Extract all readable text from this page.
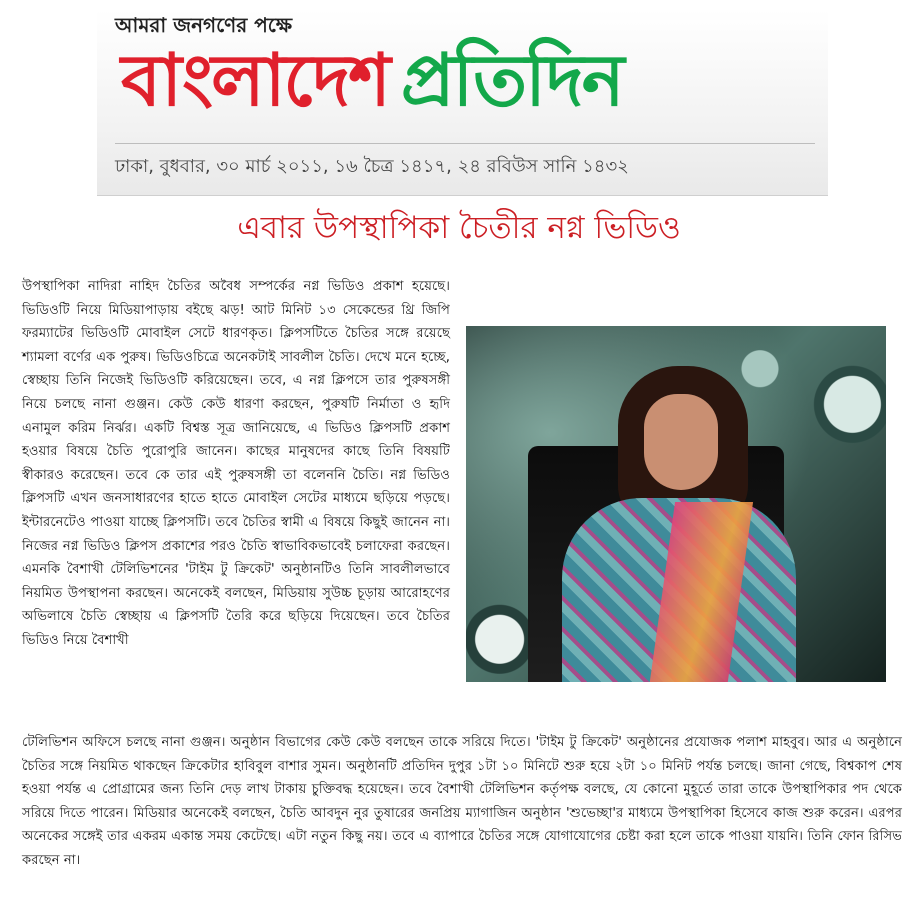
আমরা জনগণের পক্ষে
বাংলাদেশ প্রতিদিন
ঢাকা, বুধবার, ৩০ মার্চ ২০১১, ১৬ চৈত্র ১৪১৭, ২৪ রবিউস সানি ১৪৩২
এবার উপস্থাপিকা চৈতীর নগ্ন ভিডিও
উপস্থাপিকা নাদিরা নাহিদ চৈতির অবৈধ সম্পর্কের নগ্ন ভিডিও প্রকাশ হয়েছে। ভিডিওটি নিয়ে মিডিয়াপাড়ায় বইছে ঝড়! আট মিনিট ১৩ সেকেন্ডের থ্রি জিপি ফরম্যাটের ভিডিওটি মোবাইল সেটে ধারণকৃত। ক্লিপসটিতে চৈতির সঙ্গে রয়েছে শ্যামলা বর্ণের এক পুরুষ। ভিডিওচিত্রে অনেকটাই সাবলীল চৈতি। দেখে মনে হচ্ছে, স্বেচ্ছায় তিনি নিজেই ভিডিওটি করিয়েছেন। তবে, এ নগ্ন ক্লিপসে তার পুরুষসঙ্গী নিয়ে চলছে নানা গুঞ্জন। কেউ কেউ ধারণা করছেন, পুরুষটি নির্মাতা ও হৃদি এনামুল করিম নির্ঝর। একটি বিশ্বস্ত সূত্র জানিয়েছে, এ ভিডিও ক্লিপসটি প্রকাশ হওয়ার বিষয়ে চৈতি পুরোপুরি জানেন। কাছের মানুষদের কাছে তিনি বিষয়টি স্বীকারও করেছেন। তবে কে তার এই পুরুষসঙ্গী তা বলেননি চৈতি। নগ্ন ভিডিও ক্লিপসটি এখন জনসাধারণের হাতে হাতে মোবাইল সেটের মাধ্যমে ছড়িয়ে পড়ছে। ইন্টারনেটেও পাওয়া যাচ্ছে ক্লিপসটি। তবে চৈতির স্বামী এ বিষয়ে কিছুই জানেন না। নিজের নগ্ন ভিডিও ক্লিপস প্রকাশের পরও চৈতি স্বাভাবিকভাবেই চলাফেরা করছেন। এমনকি বৈশাখী টেলিভিশনের 'টাইম টু ক্রিকেট' অনুষ্ঠানটিও তিনি সাবলীলভাবে নিয়মিত উপস্থাপনা করছেন। অনেকেই বলছেন, মিডিয়ায় সুউচ্চ চূড়ায় আরোহণের অভিলাষে চৈতি স্বেচ্ছায় এ ক্লিপসটি তৈরি করে ছড়িয়ে দিয়েছেন। তবে চৈতির ভিডিও নিয়ে বৈশাখী
টেলিভিশন অফিসে চলছে নানা গুঞ্জন। অনুষ্ঠান বিভাগের কেউ কেউ বলছেন তাকে সরিয়ে দিতে। 'টাইম টু ক্রিকেট' অনুষ্ঠানের প্রযোজক পলাশ মাহবুব। আর এ অনুষ্ঠানে চৈতির সঙ্গে নিয়মিত থাকছেন ক্রিকেটার হাবিবুল বাশার সুমন। অনুষ্ঠানটি প্রতিদিন দুপুর ১টা ১০ মিনিটে শুরু হয়ে ২টা ১০ মিনিট পর্যন্ত চলছে। জানা গেছে, বিশ্বকাপ শেষ হওয়া পর্যন্ত এ প্রোগ্রামের জন্য তিনি দেড় লাখ টাকায় চুক্তিবদ্ধ হয়েছেন। তবে বৈশাখী টেলিভিশন কর্তৃপক্ষ বলছে, যে কোনো মুহূর্তে তারা তাকে উপস্থাপিকার পদ থেকে সরিয়ে দিতে পারেন। মিডিয়ার অনেকেই বলছেন, চৈতি আবদুন নুর তুষারের জনপ্রিয় ম্যাগাজিন অনুষ্ঠান 'শুভেচ্ছা'র মাধ্যমে উপস্থাপিকা হিসেবে কাজ শুরু করেন। এরপর অনেকের সঙ্গেই তার একরম একান্ত সময় কেটেছে। এটা নতুন কিছু নয়। তবে এ ব্যাপারে চৈতির সঙ্গে যোগাযোগের চেষ্টা করা হলে তাকে পাওয়া যায়নি। তিনি ফোন রিসিভ করছেন না।
